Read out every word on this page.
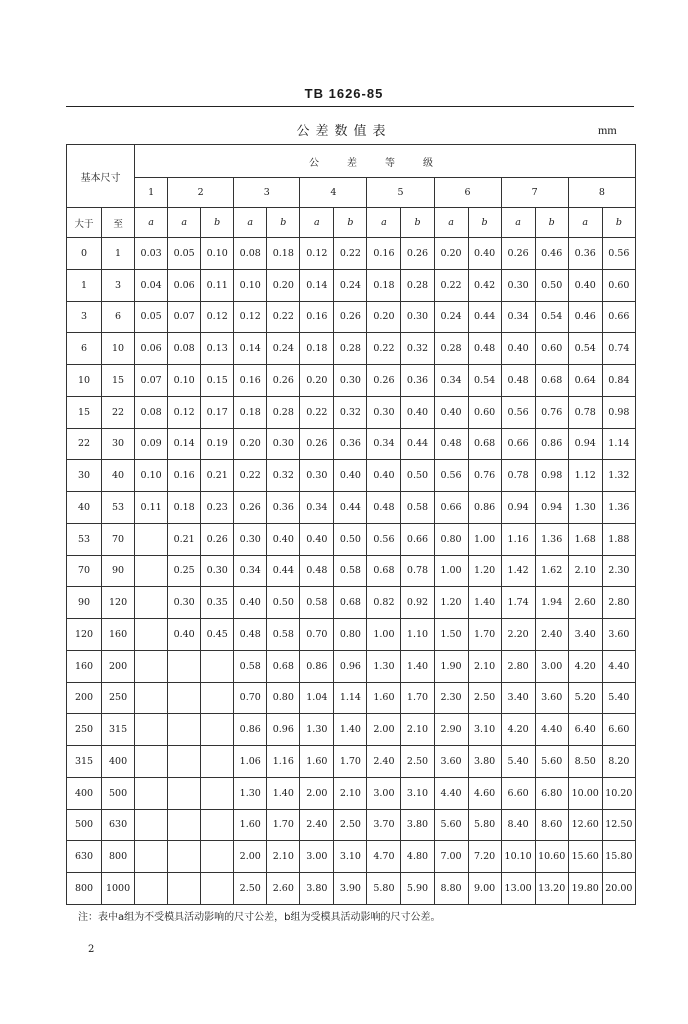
TB 1626-85
公差数值表	mm
基本尺寸		公差等级														
		1	2		3		4		5		6		7		8	
大于	至	a	a	b	a	b	a	b	a	b	a	b	a	b	a	b
0	1	0.03	0.05	0.10	0.08	0.18	0.12	0.22	0.16	0.26	0.20	0.40	0.26	0.46	0.36	0.56
1	3	0.04	0.06	0.11	0.10	0.20	0.14	0.24	0.18	0.28	0.22	0.42	0.30	0.50	0.40	0.60
3	6	0.05	0.07	0.12	0.12	0.22	0.16	0.26	0.20	0.30	0.24	0.44	0.34	0.54	0.46	0.66
6	10	0.06	0.08	0.13	0.14	0.24	0.18	0.28	0.22	0.32	0.28	0.48	0.40	0.60	0.54	0.74
10	15	0.07	0.10	0.15	0.16	0.26	0.20	0.30	0.26	0.36	0.34	0.54	0.48	0.68	0.64	0.84
15	22	0.08	0.12	0.17	0.18	0.28	0.22	0.32	0.30	0.40	0.40	0.60	0.56	0.76	0.78	0.98
22	30	0.09	0.14	0.19	0.20	0.30	0.26	0.36	0.34	0.44	0.48	0.68	0.66	0.86	0.94	1.14
30	40	0.10	0.16	0.21	0.22	0.32	0.30	0.40	0.40	0.50	0.56	0.76	0.78	0.98	1.12	1.32
40	53	0.11	0.18	0.23	0.26	0.36	0.34	0.44	0.48	0.58	0.66	0.86	0.94	0.94	1.30	1.36
53	70		0.21	0.26	0.30	0.40	0.40	0.50	0.56	0.66	0.80	1.00	1.16	1.36	1.68	1.88
70	90		0.25	0.30	0.34	0.44	0.48	0.58	0.68	0.78	1.00	1.20	1.42	1.62	2.10	2.30
90	120		0.30	0.35	0.40	0.50	0.58	0.68	0.82	0.92	1.20	1.40	1.74	1.94	2.60	2.80
120	160		0.40	0.45	0.48	0.58	0.70	0.80	1.00	1.10	1.50	1.70	2.20	2.40	3.40	3.60
160	200				0.58	0.68	0.86	0.96	1.30	1.40	1.90	2.10	2.80	3.00	4.20	4.40
200	250				0.70	0.80	1.04	1.14	1.60	1.70	2.30	2.50	3.40	3.60	5.20	5.40
250	315				0.86	0.96	1.30	1.40	2.00	2.10	2.90	3.10	4.20	4.40	6.40	6.60
315	400				1.06	1.16	1.60	1.70	2.40	2.50	3.60	3.80	5.40	5.60	8.50	8.20
400	500				1.30	1.40	2.00	2.10	3.00	3.10	4.40	4.60	6.60	6.80	10.00	10.20
500	630				1.60	1.70	2.40	2.50	3.70	3.80	5.60	5.80	8.40	8.60	12.60	12.50
630	800				2.00	2.10	3.00	3.10	4.70	4.80	7.00	7.20	10.10	10.60	15.60	15.80
800	1000				2.50	2.60	3.80	3.90	5.80	5.90	8.80	9.00	13.00	13.20	19.80	20.00
注：表中a组为不受模具活动影响的尺寸公差，b组为受模具活动影响的尺寸公差。
2
